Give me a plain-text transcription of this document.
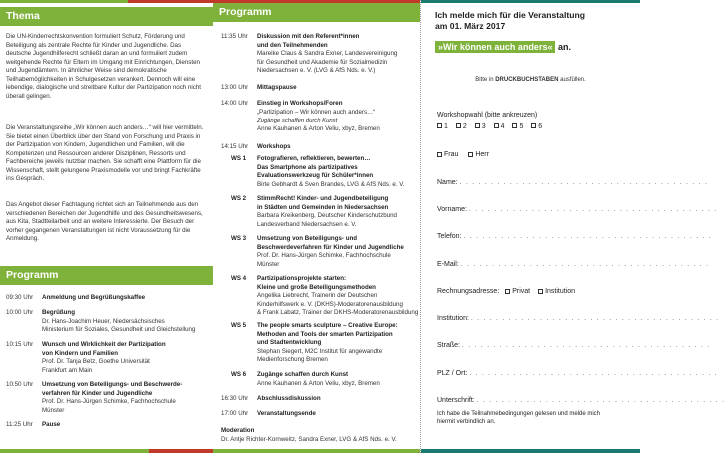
Thema
Die UN-Kinderrechtskonvention formuliert Schutz, Förderung und Beteiligung als zentrale Rechte für Kinder und Jugendliche. Das deutsche Jugendhilferecht schließt daran an und formuliert zudem weitgehende Rechte für Eltern im Umgang mit Einrichtungen, Diensten und Jugendämtern. In ähnlicher Weise sind demokratische Teilhabemöglichkeiten in Schulgesetzen verankert. Dennoch will eine lebendige, dialogische und streitbare Kultur der Partizipation noch nicht überall gelingen.
Die Veranstaltungsreihe „Wir können auch anders…“ will hier vermitteln. Sie bietet einen Überblick über den Stand von Forschung und Praxis in der Partizipation von Kindern, Jugendlichen und Familien, will die Kompetenzen und Ressourcen anderer Disziplinen, Ressorts und Fachbereiche jeweils nutzbar machen. Sie schafft eine Plattform für die Wissenschaft, stellt gelungene Praxismodelle vor und bringt Fachkräfte ins Gespräch.
Das Angebot dieser Fachtagung richtet sich an Teilnehmende aus den verschiedenen Bereichen der Jugendhilfe und des Gesundheitswesens, aus Kita, Stadtteilarbeit und an weitere Interessierte. Der Besuch der vorher gegangenen Veranstaltungen ist nicht Voraussetzung für die Anmeldung.
Programm
09:30 Uhr	Anmeldung und Begrüßungskaffee
10:00 Uhr	Begrüßung
Dr. Hans-Joachim Heuer, Niedersächsisches
Ministerium für Soziales, Gesundheit und Gleichstellung
10:15 Uhr	Wunsch und Wirklichkeit der Partizipation
von Kindern und Familien
Prof. Dr. Tanja Betz, Goethe Universität
Frankfurt am Main
10:50 Uhr	Umsetzung von Beteiligungs- und Beschwerde-
verfahren für Kinder und Jugendliche
Prof. Dr. Hans-Jürgen Schimke, Fachhochschule
Münster
11:25 Uhr	Pause
Programm
11:35 Uhr	Diskussion mit den Referent*innen
und den Teilnehmenden
Mareike Claus & Sandra Exner, Landesvereinigung
für Gesundheit und Akademie für Sozialmedizin
Niedersachsen e. V. (LVG & AfS Nds. e. V.)
13:00 Uhr	Mittagspause
14:00 Uhr	Einstieg in Workshops/Foren
„Partizipation – Wir können auch anders…“
Zugänge schaffen durch Kunst
Anne Kauhanen & Arton Veliu, xbyz, Bremen
14:15 Uhr	Workshops
WS 1 Fotografieren, reflektieren, bewerten…
Das Smartphone als partizipatives
Evaluationswerkzeug für Schüler*innen
Birte Gebhardt & Sven Brandes, LVG & AfS Nds. e. V.
WS 2 StimmRecht! Kinder- und Jugendbeteiligung
in Städten und Gemeinden in Niedersachsen
Barbara Kreikenberg, Deutscher Kinderschutzbund
Landesverband Niedersachsen e. V.
WS 3 Umsetzung von Beteiligungs- und
Beschwerdeverfahren für Kinder und Jugendliche
Prof. Dr. Hans-Jürgen Schimke, Fachhochschule
Münster
WS 4 Partizipationsprojekte starten:
Kleine und große Beteiligungsmethoden
Angelika Liebrecht, Trainerin der Deutschen
Kinderhilfswerk e. V. (DKHS)-Moderatorenausbildung
& Frank Labatz, Trainer der DKHS-Moderatorenausbildung
WS 5 The people smarts sculpture – Creative Europe:
Methoden and Tools der smarten Partizipation
und Stadtentwicklung
Stephan Siegert, M2C Institut für angewandte
Medienforschung Bremen
WS 6 Zugänge schaffen durch Kunst
Anne Kauhanen & Arton Veliu, xbyz, Bremen
16:30 Uhr	Abschlussdiskussion
17:00 Uhr	Veranstaltungsende
Moderation
Dr. Antje Richter-Kornweitz, Sandra Exner, LVG & AfS Nds. e. V.
Ich melde mich für die Veranstaltung
am 01. März 2017
»Wir können auch anders« an.
Bitte in DRUCKBUCHSTABEN ausfüllen.
Workshopwahl (bitte ankreuzen)
1 2 3 4 5 6
Frau Herr
Name: . . . . . . . . . . . . . . . . . . . . . . . . . . . . . . . . . . . . . . . .
Vorname: . . . . . . . . . . . . . . . . . . . . . . . . . . . . . . . . . . . . . . . .
Telefon: . . . . . . . . . . . . . . . . . . . . . . . . . . . . . . . . . . . . . . . .
E-Mail: . . . . . . . . . . . . . . . . . . . . . . . . . . . . . . . . . . . . . . . .
Rechnungsadresse: Privat Institution
Institution: . . . . . . . . . . . . . . . . . . . . . . . . . . . . . . . . . . . . . . . .
Straße: . . . . . . . . . . . . . . . . . . . . . . . . . . . . . . . . . . . . . . . .
PLZ / Ort: . . . . . . . . . . . . . . . . . . . . . . . . . . . . . . . . . . . . . . . .
Unterschrift: . . . . . . . . . . . . . . . . . . . . . . . . . . . . . . . . . . . . . . . .
Ich habe die Teilnahmebedingungen gelesen und melde mich hiermit verbindlich an.
